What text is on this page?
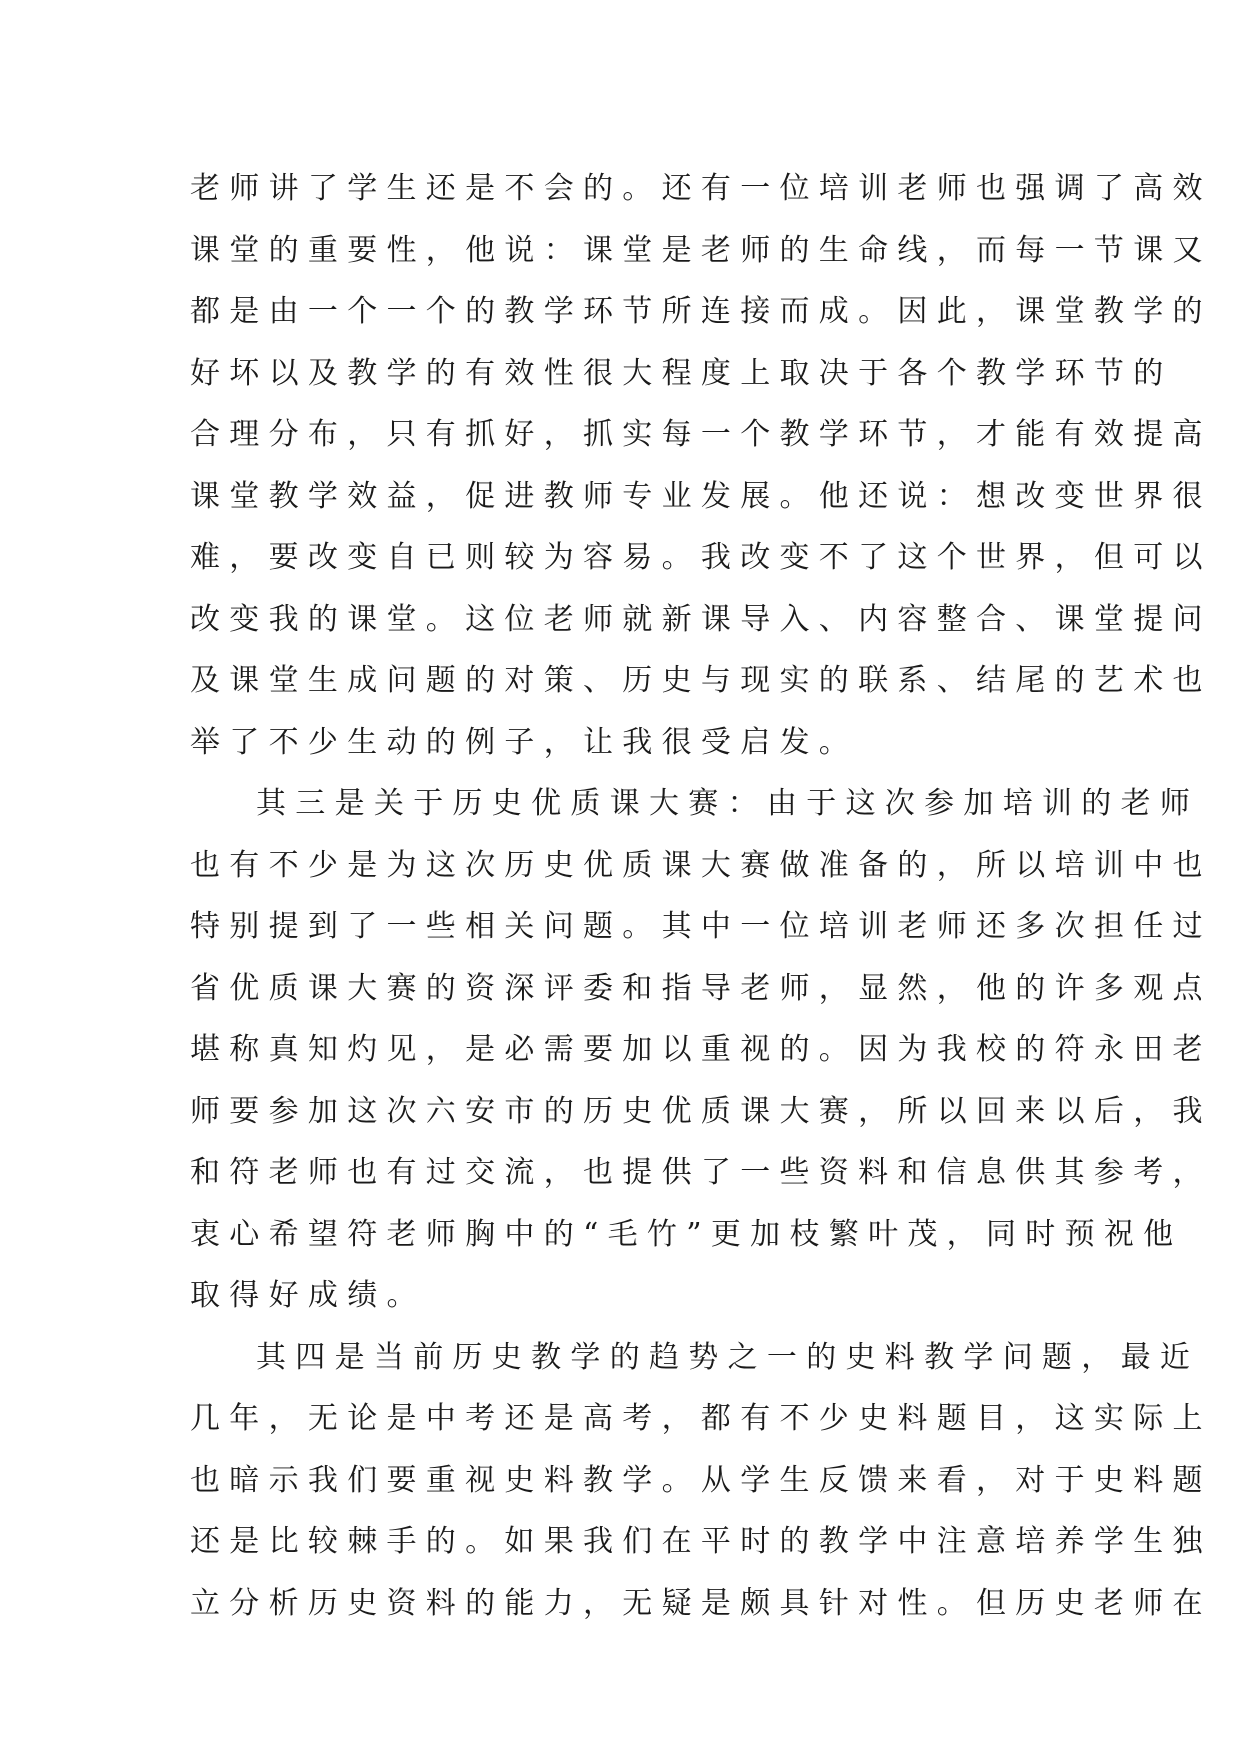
老师讲了学生还是不会的。还有一位培训老师也强调了高效
课堂的重要性，他说：课堂是老师的生命线，而每一节课又
都是由一个一个的教学环节所连接而成。因此，课堂教学的
好坏以及教学的有效性很大程度上取决于各个教学环节的
合理分布，只有抓好，抓实每一个教学环节，才能有效提高
课堂教学效益，促进教师专业发展。他还说：想改变世界很
难，要改变自已则较为容易。我改变不了这个世界，但可以
改变我的课堂。这位老师就新课导入、内容整合、课堂提问
及课堂生成问题的对策、历史与现实的联系、结尾的艺术也
举了不少生动的例子，让我很受启发。
其三是关于历史优质课大赛：由于这次参加培训的老师
也有不少是为这次历史优质课大赛做准备的，所以培训中也
特别提到了一些相关问题。其中一位培训老师还多次担任过
省优质课大赛的资深评委和指导老师，显然，他的许多观点
堪称真知灼见，是必需要加以重视的。因为我校的符永田老
师要参加这次六安市的历史优质课大赛，所以回来以后，我
和符老师也有过交流，也提供了一些资料和信息供其参考，
衷心希望符老师胸中的“毛竹”更加枝繁叶茂，同时预祝他
取得好成绩。
其四是当前历史教学的趋势之一的史料教学问题，最近
几年，无论是中考还是高考，都有不少史料题目，这实际上
也暗示我们要重视史料教学。从学生反馈来看，对于史料题
还是比较棘手的。如果我们在平时的教学中注意培养学生独
立分析历史资料的能力，无疑是颇具针对性。但历史老师在
